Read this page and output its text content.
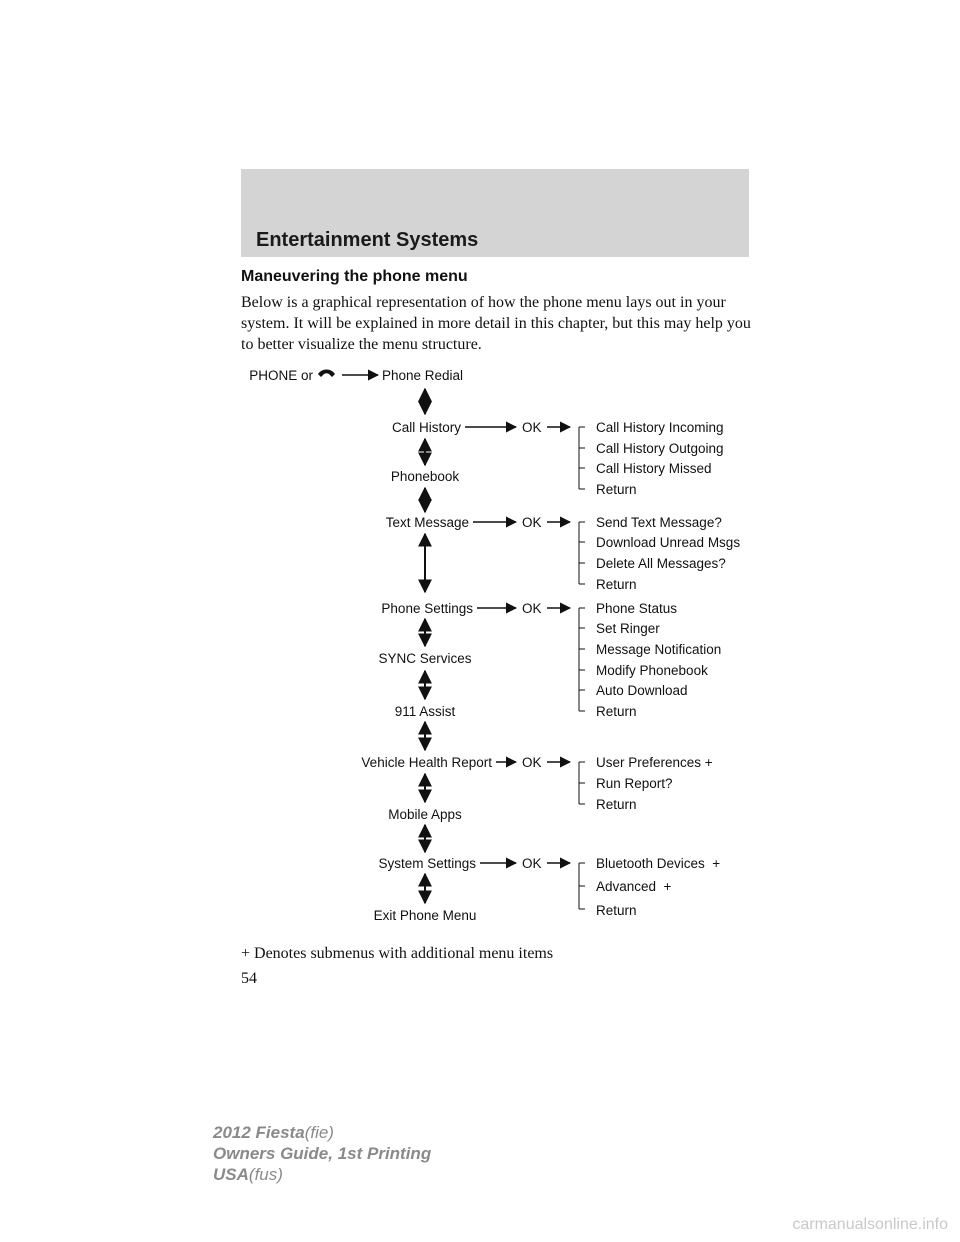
Entertainment Systems
Maneuvering the phone menu
Below is a graphical representation of how the phone menu lays out in your system. It will be explained in more detail in this chapter, but this may help you to better visualize the menu structure.
PHONE or	Phone Redial
Call History
Phonebook
Text Message
Phone Settings
SYNC Services
911 Assist
Vehicle Health Report
Mobile Apps
System Settings
Exit Phone Menu
OK	Call History Incoming
Call History Outgoing
Call History Missed
Return
OK	Send Text Message?
Download Unread Msgs
Delete All Messages?
Return
OK	Phone Status
Set Ringer
Message Notification
Modify Phonebook
Auto Download
Return
OK	User Preferences +
Run Report?
Return
OK	Bluetooth Devices  +
Advanced  +
Return
+ Denotes submenus with additional menu items
54
2012 Fiesta(fie)
Owners Guide, 1st Printing
USA(fus)
carmanualsonline.info
